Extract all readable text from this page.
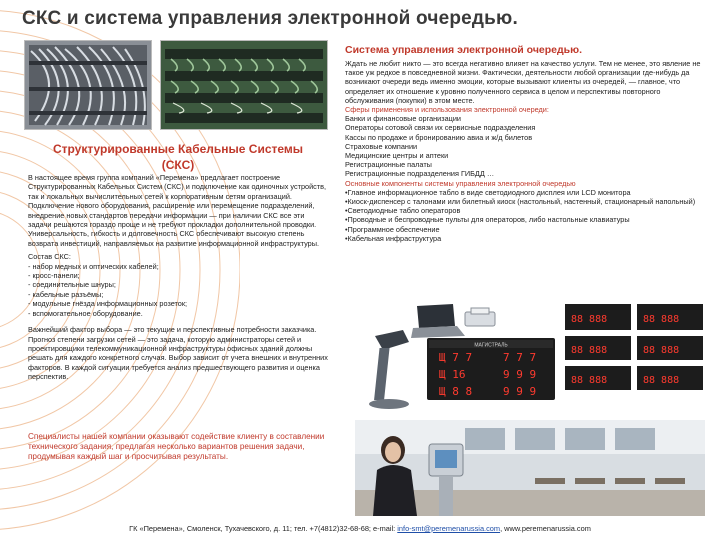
СКС и система управления электронной очередью.
Структурированные Кабельные Системы
(СКС)

В настоящее время группа компаний «Перемена» предлагает построение Структурированных Кабельных Систем (СКС) и подключение как одиночных устройств, так и локальных вычислительных сетей к корпоративным сетям организаций. Подключение нового оборудования, расширение или перемещение подразделений, внедрение новых стандартов передачи информации — при наличии СКС все эти задачи решаются гораздо проще и не требуют прокладки дополнительной проводки. Универсальность, гибкость и долговечность СКС обеспечивают высокую степень возврата инвестиций, направляемых на развитие информационной инфраструктуры.

Состав СКС:
- набор медных и оптических кабелей;
- кросс-панели;
- соединительные шнуры;
- кабельные разъёмы;
- модульные гнёзда информационных розеток;
- вспомогательное оборудование.

Важнейший фактор выбора — это текущие и перспективные потребности заказчика. Прогноз степени загрузки сетей — это задача, которую администраторы сетей и проектировщики телекоммуникационной инфраструктуры офисных зданий должны решать для каждого конкретного случая. Выбор зависит от учета внешних и внутренних факторов. В каждой ситуации требуется анализ предшествующего развития и оценка перспектив.

Специалисты нашей компании оказывают содействие клиенту в составлении технического задания, предлагая несколько вариантов решения задачи, продумывая каждый шаг и просчитывая результаты.
Система управления электронной очередью.
Ждать не любит никто — это всегда негативно влияет на качество услуги. Тем не менее, это явление не такое уж редкое в повседневной жизни. Фактически, деятельности любой организации где-нибудь да возникают очереди ведь именно эмоции, которые вызывают клиенты из очередей, — главное, что определяет их отношение к уровню полученного сервиса в целом и перспективы повторного обслуживания (покупки) в этом месте.
Сферы применения и использования электронной очереди:
Банки и финансовые организации
Операторы сотовой связи их сервисные подразделения
Кассы по продаже и бронированию авиа и ж/д билетов
Страховые компании
Медицинские центры и аптеки
Регистрационные палаты
Регистрационные подразделения ГИБДД …
Основные компоненты системы управления электронной очередью
•Главное информационное табло в виде светодиодного дисплея или LCD монитора
•Киоск-диспенсер с талонами или билетный киоск (настольный, настенный, стационарный напольный)
•Светодиодные табло операторов
•Проводные и беспроводные пульты для операторов, либо настольные клавиатуры
•Программное обеспечение
•Кабельная инфраструктура
МАГИСТРАЛЬ
Щ 7 7	7 7 7
Щ 16	9 9 9
Щ 8 8	9 9 9
88 888	88 888
88 888	88 888
88 888	88 888
ГК «Перемена», Смоленск, Тухачевского, д. 11; тел. +7(4812)32-68-68; e-mail: info-smt@peremenarussia.com, www.peremenarussia.com
